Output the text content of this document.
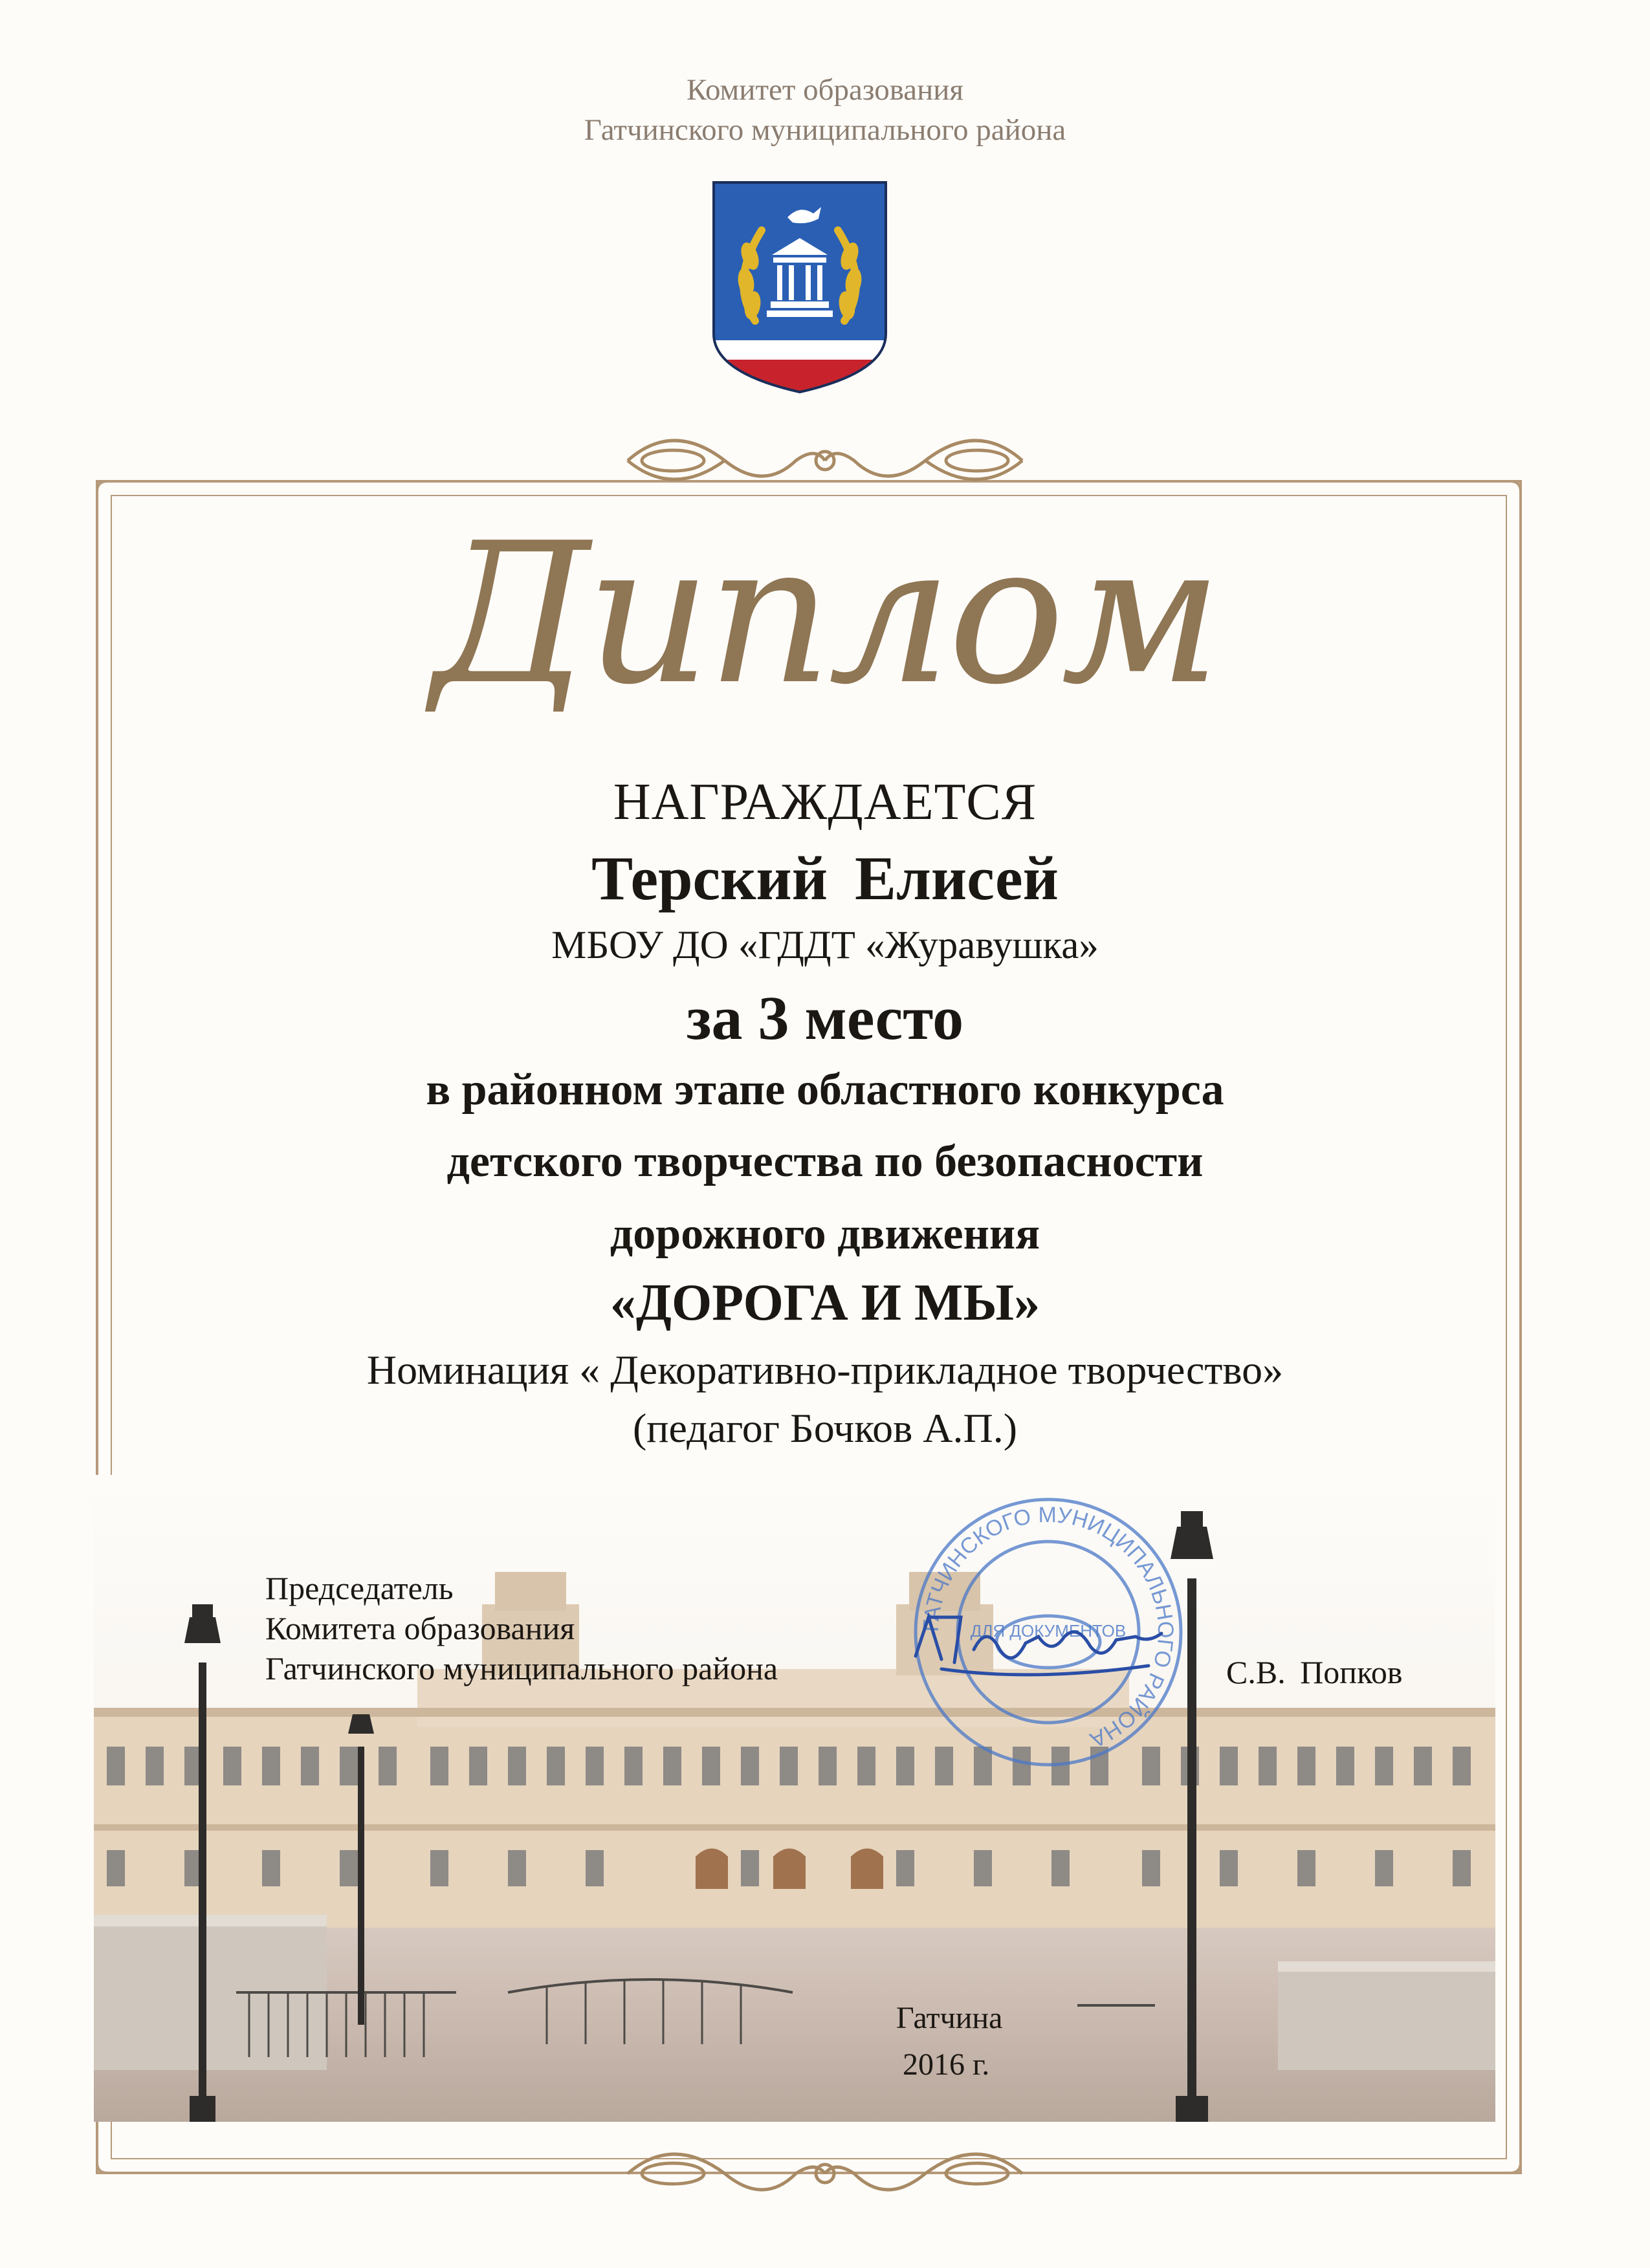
Комитет образования
Гатчинского муниципального района
Диплом
НАГРАЖДАЕТСЯ
Терский Елисей
МБОУ ДО «ГДДТ «Журавушка»
за 3 место
в районном этапе областного конкурса
детского творчества по безопасности
дорожного движения
«ДОРОГА И МЫ»
Номинация « Декоративно-прикладное творчество»
(педагог Бочков А.П.)
ГАТЧИНСКОГО МУНИЦИПАЛЬНОГО РАЙОНА
ДЛЯ ДОКУМЕНТОВ
Председатель
Комитета образования
Гатчинского муниципального района	С.В. Попков
Гатчина
2016 г.
